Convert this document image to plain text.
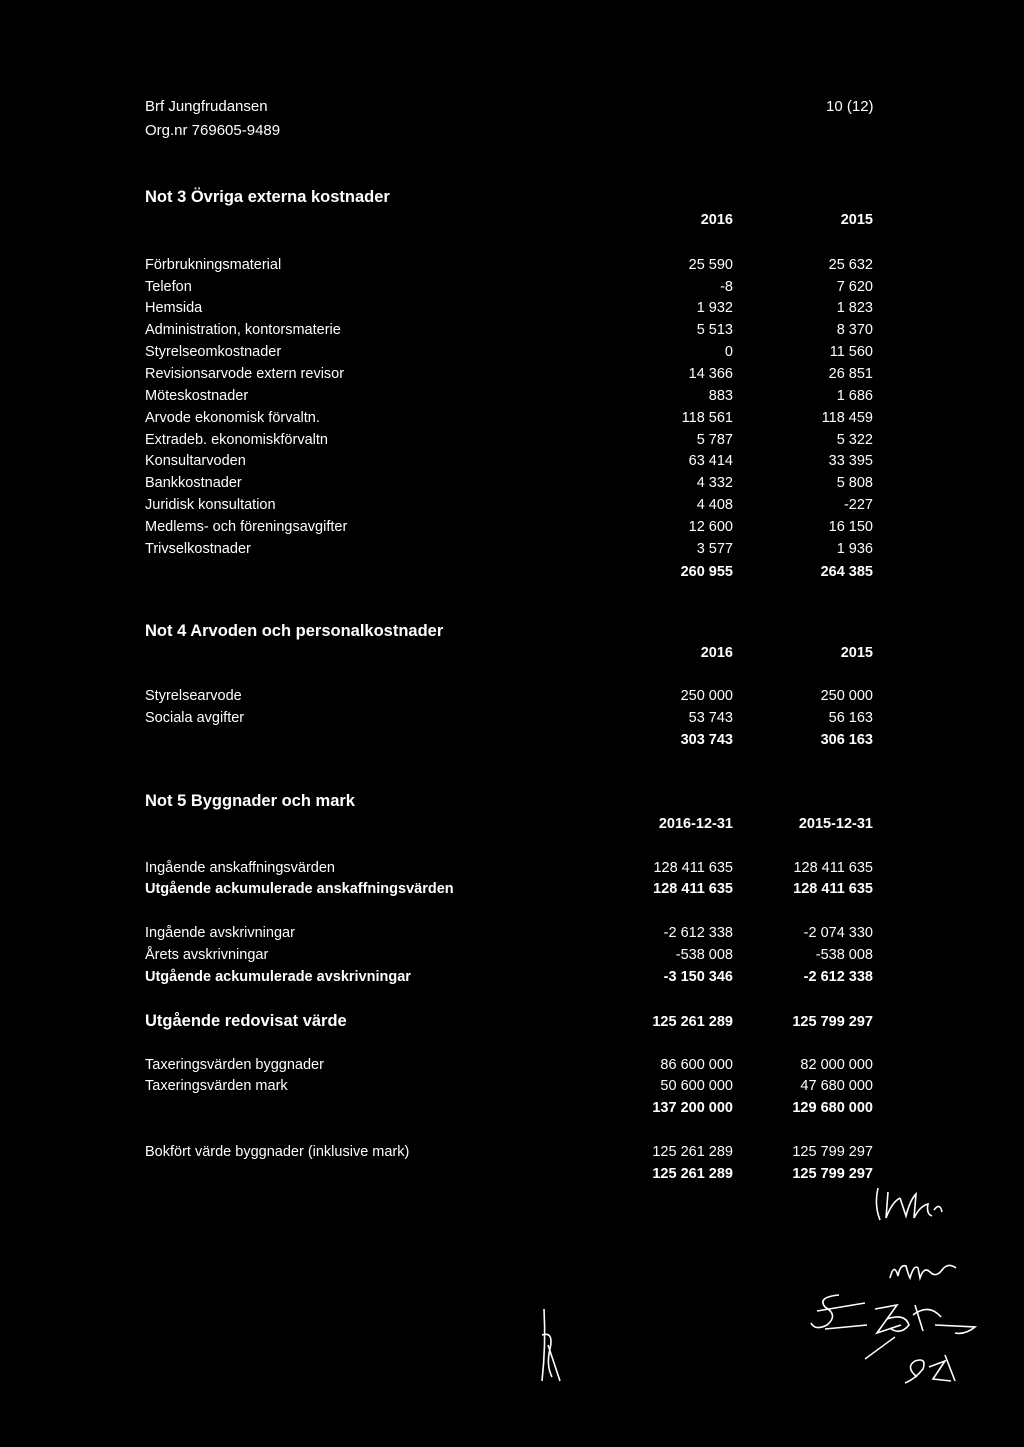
Brf Jungfrudansen
Org.nr 769605-9489
10 (12)
Not 3 Övriga externa kostnader
2016	2015
Förbrukningsmaterial	25 590	25 632
Telefon	-8	7 620
Hemsida	1 932	1 823
Administration, kontorsmaterie	5 513	8 370
Styrelseomkostnader	0	11 560
Revisionsarvode extern revisor	14 366	26 851
Möteskostnader	883	1 686
Arvode ekonomisk förvaltn.	118 561	118 459
Extradeb. ekonomiskförvaltn	5 787	5 322
Konsultarvoden	63 414	33 395
Bankkostnader	4 332	5 808
Juridisk konsultation	4 408	-227
Medlems- och föreningsavgifter	12 600	16 150
Trivselkostnader	3 577	1 936
260 955	264 385
Not 4 Arvoden och personalkostnader
2016	2015
Styrelsearvode	250 000	250 000
Sociala avgifter	53 743	56 163
303 743	306 163
Not 5 Byggnader och mark
2016-12-31	2015-12-31
Ingående anskaffningsvärden	128 411 635	128 411 635
Utgående ackumulerade anskaffningsvärden	128 411 635	128 411 635
Ingående avskrivningar	-2 612 338	-2 074 330
Årets avskrivningar	-538 008	-538 008
Utgående ackumulerade avskrivningar	-3 150 346	-2 612 338
Utgående redovisat värde	125 261 289	125 799 297
Taxeringsvärden byggnader	86 600 000	82 000 000
Taxeringsvärden mark	50 600 000	47 680 000
137 200 000	129 680 000
Bokfört värde byggnader (inklusive mark)	125 261 289	125 799 297
125 261 289	125 799 297
